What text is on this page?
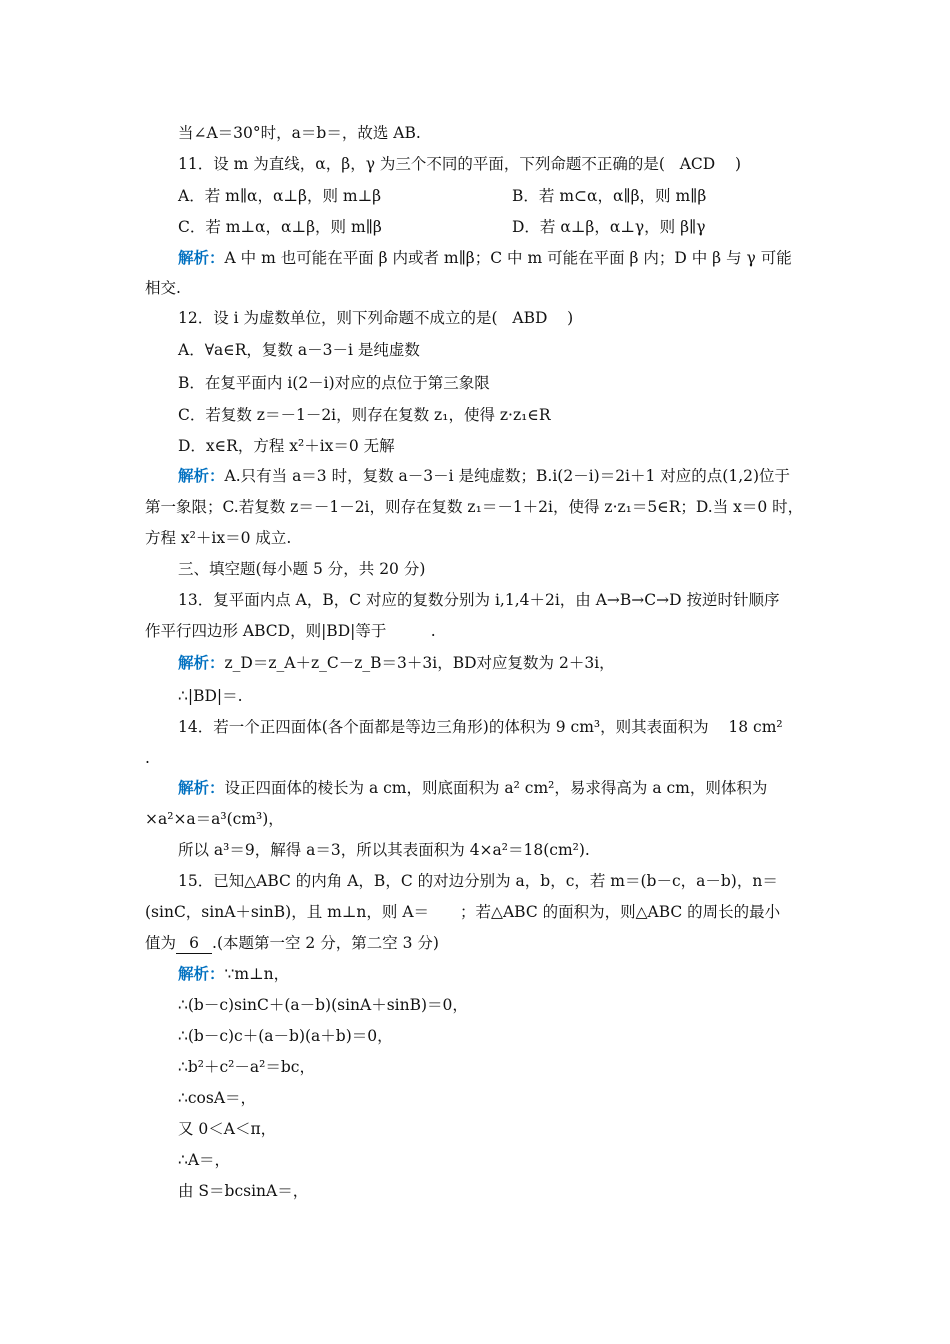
当∠A＝30°时，a＝b＝，故选 AB.
11．设 m 为直线，α，β，γ 为三个不同的平面，下列命题不正确的是( ACD )
A．若 m∥α，α⊥β，则 m⊥β	B．若 m⊂α，α∥β，则 m∥β
C．若 m⊥α，α⊥β，则 m∥β	D．若 α⊥β，α⊥γ，则 β∥γ
解析：A 中 m 也可能在平面 β 内或者 m∥β；C 中 m 可能在平面 β 内；D 中 β 与 γ 可能
相交.
12．设 i 为虚数单位，则下列命题不成立的是( ABD )
A．∀a∈R，复数 a－3－i 是纯虚数
B．在复平面内 i(2－i)对应的点位于第三象限
C．若复数 z＝－1－2i，则存在复数 z₁，使得 z·z₁∈R
D．x∈R，方程 x²＋ix＝0 无解
解析：A.只有当 a＝3 时，复数 a－3－i 是纯虚数；B.i(2－i)＝2i＋1 对应的点(1,2)位于
第一象限；C.若复数 z＝－1－2i，则存在复数 z₁＝－1＋2i，使得 z·z₁＝5∈R；D.当 x＝0 时，
方程 x²＋ix＝0 成立.
三、填空题(每小题 5 分，共 20 分)
13．复平面内点 A，B，C 对应的复数分别为 i,1,4＋2i，由 A→B→C→D 按逆时针顺序
作平行四边形 ABCD，则|BD|等于	.
解析：z_D＝z_A＋z_C－z_B＝3＋3i，BD对应复数为 2＋3i，
∴|BD|＝.
14．若一个正四面体(各个面都是等边三角形)的体积为 9 cm³，则其表面积为 18 cm²
.
解析：设正四面体的棱长为 a cm，则底面积为 a² cm²，易求得高为 a cm，则体积为
×a²×a＝a³(cm³)，
所以 a³＝9，解得 a＝3，所以其表面积为 4×a²＝18(cm²).
15．已知△ABC 的内角 A，B，C 的对边分别为 a，b，c，若 m＝(b－c，a－b)，n＝
(sinC，sinA＋sinB)，且 m⊥n，则 A＝　　；若△ABC 的面积为，则△ABC 的周长的最小
值为 6 .(本题第一空 2 分，第二空 3 分)
解析：∵m⊥n，
∴(b－c)sinC＋(a－b)(sinA＋sinB)＝0，
∴(b－c)c＋(a－b)(a＋b)＝0，
∴b²＋c²－a²＝bc，
∴cosA＝，
又 0＜A＜π，
∴A＝，
由 S＝bcsinA＝，
